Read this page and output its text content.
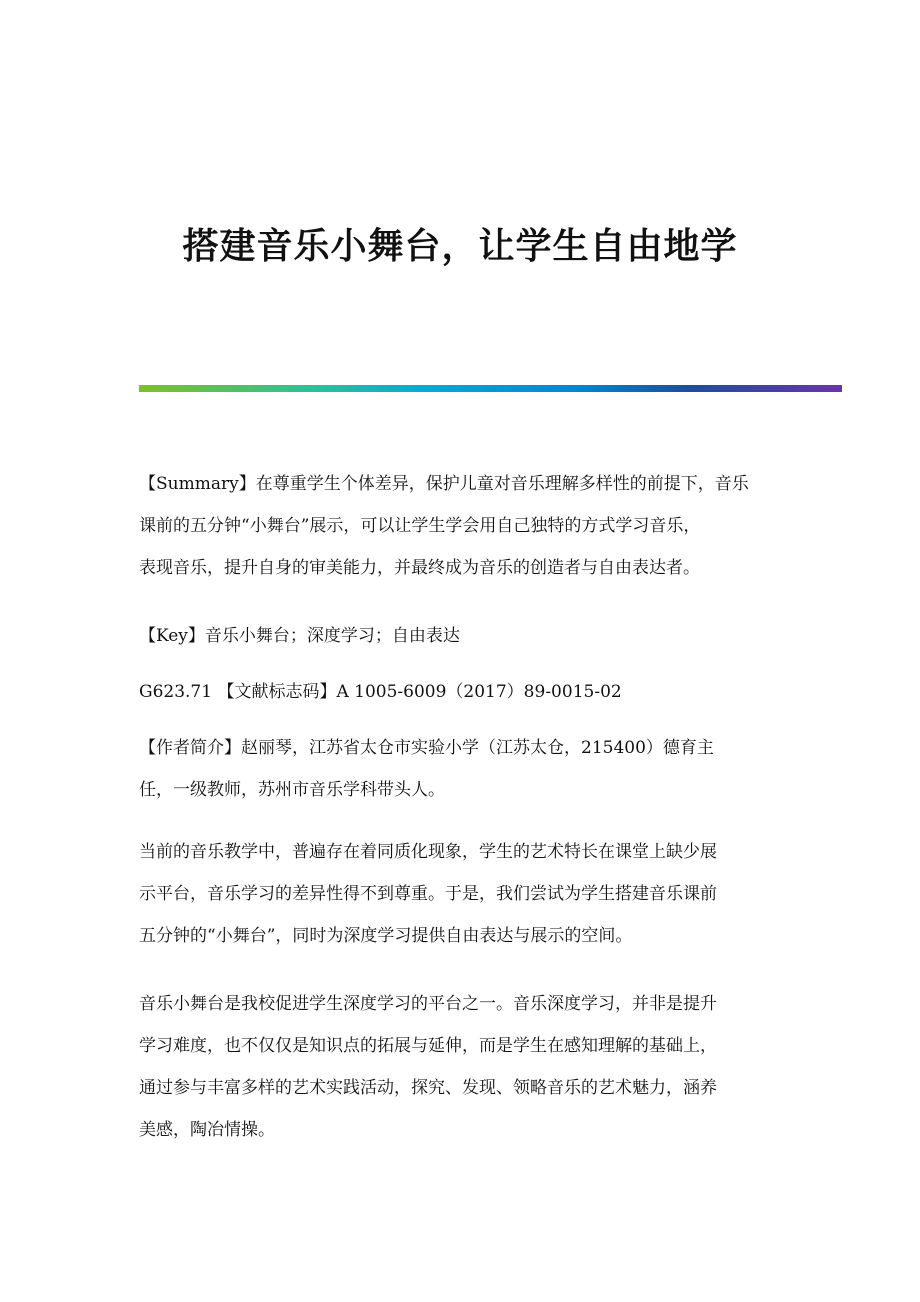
搭建音乐小舞台，让学生自由地学
【Summary】在尊重学生个体差异，保护儿童对音乐理解多样性的前提下，音乐
课前的五分钟“小舞台”展示，可以让学生学会用自己独特的方式学习音乐，
表现音乐，提升自身的审美能力，并最终成为音乐的创造者与自由表达者。
【Key】音乐小舞台；深度学习；自由表达
G623.71 【文献标志码】A 1005-6009（2017）89-0015-02
【作者简介】赵丽琴，江苏省太仓市实验小学（江苏太仓，215400）德育主
任，一级教师，苏州市音乐学科带头人。
当前的音乐教学中，普遍存在着同质化现象，学生的艺术特长在课堂上缺少展
示平台，音乐学习的差异性得不到尊重。于是，我们尝试为学生搭建音乐课前
五分钟的“小舞台”，同时为深度学习提供自由表达与展示的空间。
音乐小舞台是我校促进学生深度学习的平台之一。音乐深度学习，并非是提升
学习难度，也不仅仅是知识点的拓展与延伸，而是学生在感知理解的基础上，
通过参与丰富多样的艺术实践活动，探究、发现、领略音乐的艺术魅力，涵养
美感，陶冶情操。
